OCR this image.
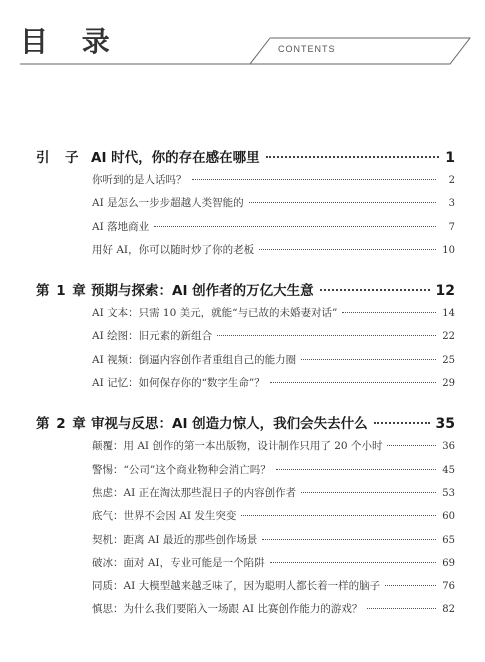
目 录	CONTENTS
引　子 AI 时代，你的存在感在哪里	1
你听到的是人话吗？	2
AI 是怎么一步步超越人类智能的	3
AI 落地商业	7
用好 AI，你可以随时炒了你的老板	10
第 1 章 预期与探索：AI 创作者的万亿大生意	12
AI 文本：只需 10 美元，就能“与已故的未婚妻对话”	14
AI 绘图：旧元素的新组合	22
AI 视频：倒逼内容创作者重组自己的能力圈	25
AI 记忆：如何保存你的“数字生命”？	29
第 2 章 审视与反思：AI 创造力惊人，我们会失去什么	35
颠覆：用 AI 创作的第一本出版物，设计制作只用了 20 个小时	36
警惕：“公司”这个商业物种会消亡吗？	45
焦虑：AI 正在淘汰那些混日子的内容创作者	53
底气：世界不会因 AI 发生突变	60
契机：距离 AI 最近的那些创作场景	65
破冰：面对 AI，专业可能是一个陷阱	69
同质：AI 大模型越来越乏味了，因为聪明人都长着一样的脑子	76
慎思：为什么我们要陷入一场跟 AI 比赛创作能力的游戏？	82
